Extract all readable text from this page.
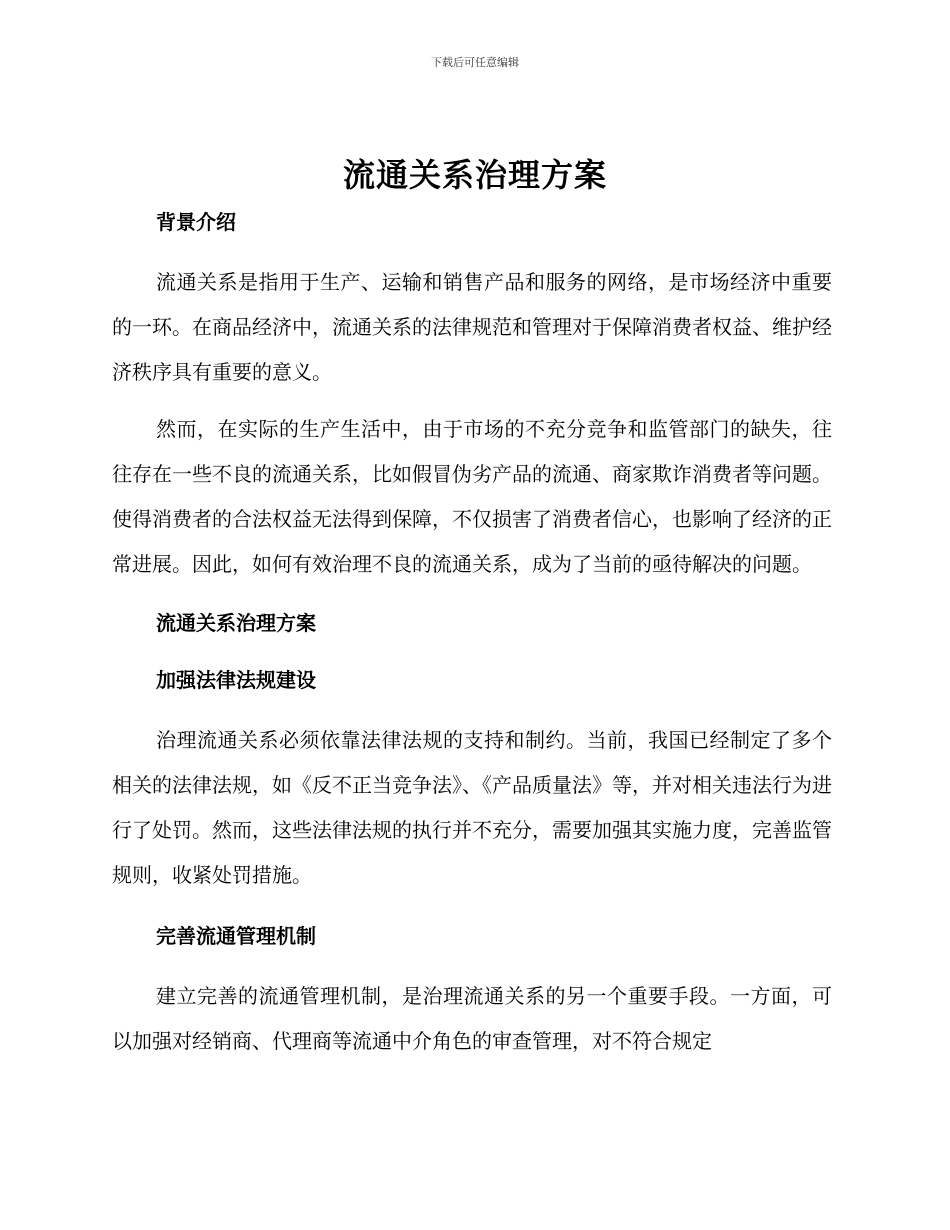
下载后可任意编辑
流通关系治理方案

背景介绍

流通关系是指用于生产、运输和销售产品和服务的网络，是市场经济中重要的一环。在商品经济中，流通关系的法律规范和管理对于保障消费者权益、维护经济秩序具有重要的意义。

然而，在实际的生产生活中，由于市场的不充分竞争和监管部门的缺失，往往存在一些不良的流通关系，比如假冒伪劣产品的流通、商家欺诈消费者等问题。使得消费者的合法权益无法得到保障，不仅损害了消费者信心，也影响了经济的正常进展。因此，如何有效治理不良的流通关系，成为了当前的亟待解决的问题。

流通关系治理方案

加强法律法规建设

治理流通关系必须依靠法律法规的支持和制约。当前，我国已经制定了多个相关的法律法规，如《反不正当竞争法》、《产品质量法》等，并对相关违法行为进行了处罚。然而，这些法律法规的执行并不充分，需要加强其实施力度，完善监管规则，收紧处罚措施。

完善流通管理机制

建立完善的流通管理机制，是治理流通关系的另一个重要手段。一方面，可以加强对经销商、代理商等流通中介角色的审查管理，对不符合规定
